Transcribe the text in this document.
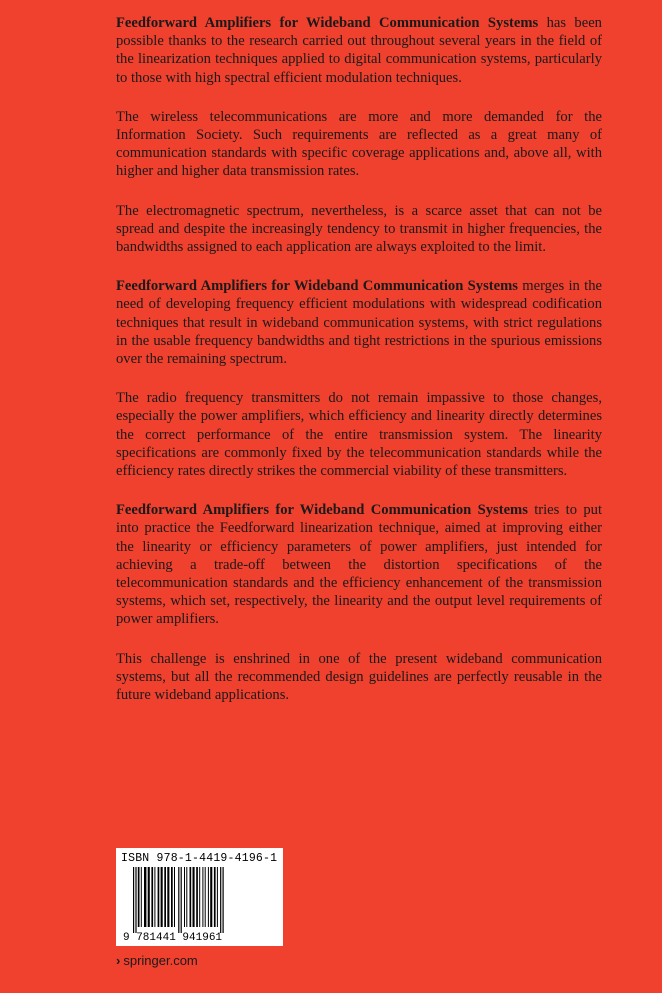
Feedforward Amplifiers for Wideband Communication Systems has been possible thanks to the research carried out throughout several years in the field of the linearization techniques applied to digital communication systems, particularly to those with high spectral efficient modulation techniques.

The wireless telecommunications are more and more demanded for the Information Society. Such requirements are reflected as a great many of communication standards with specific coverage applications and, above all, with higher and higher data transmission rates.

The electromagnetic spectrum, nevertheless, is a scarce asset that can not be spread and despite the increasingly tendency to transmit in higher frequencies, the bandwidths assigned to each application are always exploited to the limit.

Feedforward Amplifiers for Wideband Communication Systems merges in the need of developing frequency efficient modulations with widespread codification techniques that result in wideband communication systems, with strict regulations in the usable frequency bandwidths and tight restrictions in the spurious emissions over the remaining spectrum.

The radio frequency transmitters do not remain impassive to those changes, especially the power amplifiers, which efficiency and linearity directly determines the correct performance of the entire transmission system. The linearity specifications are commonly fixed by the telecommunication standards while the efficiency rates directly strikes the commercial viability of these transmitters.

Feedforward Amplifiers for Wideband Communication Systems tries to put into practice the Feedforward linearization technique, aimed at improving either the linearity or efficiency parameters of power amplifiers, just intended for achieving a trade-off between the distortion specifications of the telecommunication standards and the efficiency enhancement of the transmission systems, which set, respectively, the linearity and the output level requirements of power amplifiers.

This challenge is enshrined in one of the present wideband communication systems, but all the recommended design guidelines are perfectly reusable in the future wideband applications.

ISBN 978-1-4419-4196-1
9 781441 941961
› springer.com
